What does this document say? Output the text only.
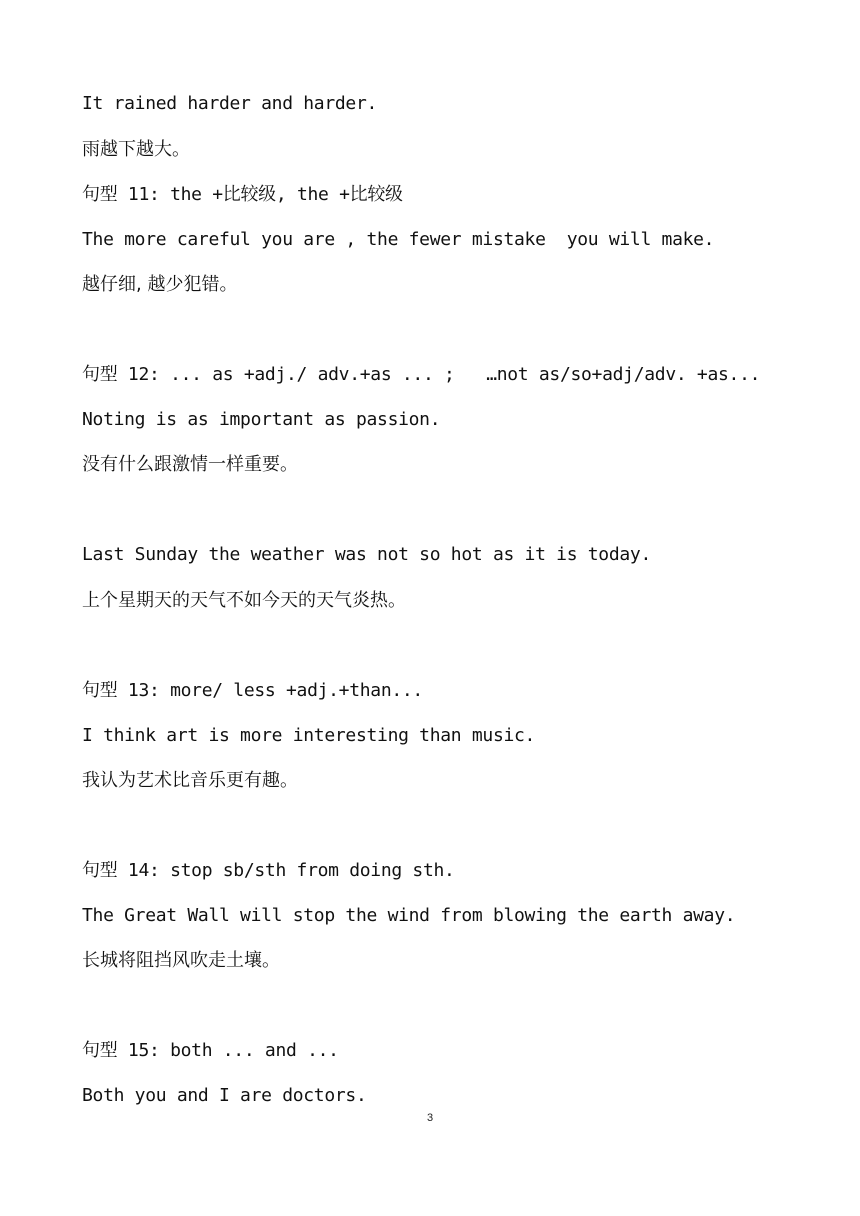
It rained harder and harder.
雨越下越大。
句型 11: the +比较级, the +比较级
The more careful you are , the fewer mistake  you will make.
越仔细, 越少犯错。
句型 12: ... as +adj./ adv.+as ... ;   …not as/so+adj/adv. +as...
Noting is as important as passion.
没有什么跟激情一样重要。
Last Sunday the weather was not so hot as it is today.
上个星期天的天气不如今天的天气炎热。
句型 13: more/ less +adj.+than...
I think art is more interesting than music.
我认为艺术比音乐更有趣。
句型 14: stop sb/sth from doing sth.
The Great Wall will stop the wind from blowing the earth away.
长城将阻挡风吹走土壤。
句型 15: both ... and ...
Both you and I are doctors.
3
